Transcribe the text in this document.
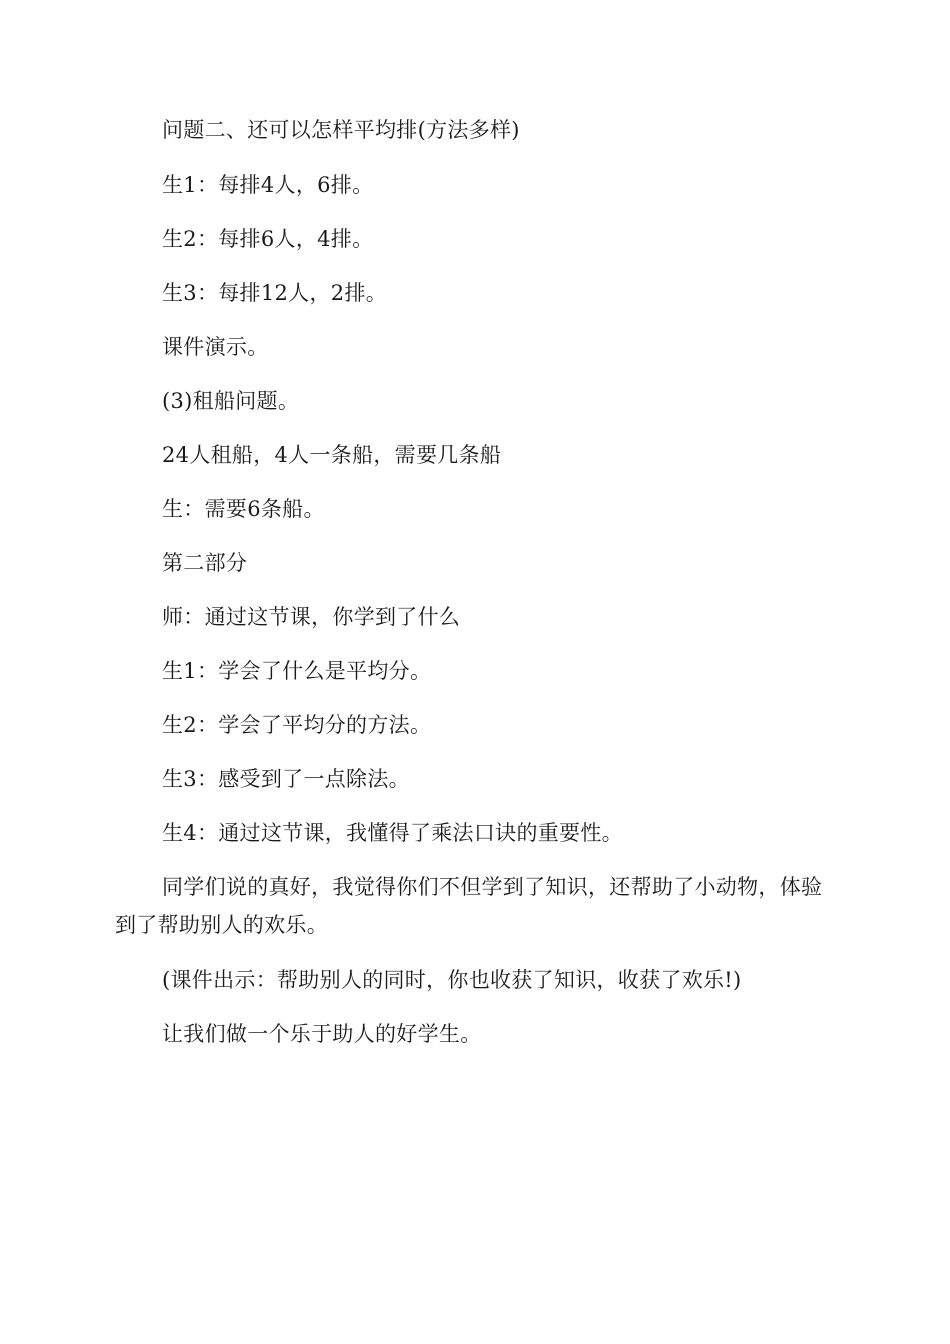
问题二、还可以怎样平均排(方法多样)

生1：每排4人，6排。

生2：每排6人，4排。

生3：每排12人，2排。

课件演示。

(3)租船问题。

24人租船，4人一条船，需要几条船

生：需要6条船。

第二部分

师：通过这节课，你学到了什么

生1：学会了什么是平均分。

生2：学会了平均分的方法。

生3：感受到了一点除法。

生4：通过这节课，我懂得了乘法口诀的重要性。

同学们说的真好，我觉得你们不但学到了知识，还帮助了小动物，体验到了帮助别人的欢乐。

(课件出示：帮助别人的同时，你也收获了知识，收获了欢乐!)

让我们做一个乐于助人的好学生。
